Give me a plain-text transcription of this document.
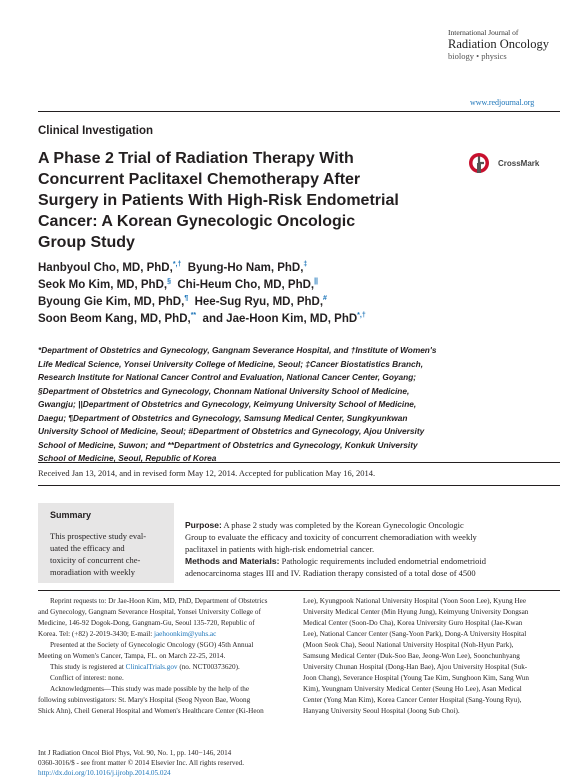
International Journal of
Radiation Oncology
biology • physics
www.redjournal.org
Clinical Investigation
A Phase 2 Trial of Radiation Therapy With
Concurrent Paclitaxel Chemotherapy After
Surgery in Patients With High-Risk Endometrial
Cancer: A Korean Gynecologic Oncologic
Group Study
CrossMark
Hanbyoul Cho, MD, PhD,*,† Byung-Ho Nam, PhD,‡
Seok Mo Kim, MD, PhD,§ Chi-Heum Cho, MD, PhD,||
Byoung Gie Kim, MD, PhD,¶ Hee-Sug Ryu, MD, PhD,#
Soon Beom Kang, MD, PhD,** and Jae-Hoon Kim, MD, PhD*,†
*Department of Obstetrics and Gynecology, Gangnam Severance Hospital, and †Institute of Women's
Life Medical Science, Yonsei University College of Medicine, Seoul; ‡Cancer Biostatistics Branch,
Research Institute for National Cancer Control and Evaluation, National Cancer Center, Goyang;
§Department of Obstetrics and Gynecology, Chonnam National University School of Medicine,
Gwangju; ||Department of Obstetrics and Gynecology, Keimyung University School of Medicine,
Daegu; ¶Department of Obstetrics and Gynecology, Samsung Medical Center, Sungkyunkwan
University School of Medicine, Seoul; #Department of Obstetrics and Gynecology, Ajou University
School of Medicine, Suwon; and **Department of Obstetrics and Gynecology, Konkuk University
School of Medicine, Seoul, Republic of Korea
Received Jan 13, 2014, and in revised form May 12, 2014. Accepted for publication May 16, 2014.
Summary
This prospective study eval-
uated the efficacy and
toxicity of concurrent che-
moradiation with weekly
Purpose: A phase 2 study was completed by the Korean Gynecologic Oncologic
Group to evaluate the efficacy and toxicity of concurrent chemoradiation with weekly
paclitaxel in patients with high-risk endometrial cancer.
Methods and Materials: Pathologic requirements included endometrial endometrioid
adenocarcinoma stages III and IV. Radiation therapy consisted of a total dose of 4500
Reprint requests to: Dr Jae-Hoon Kim, MD, PhD, Department of Obstetrics
and Gynecology, Gangnam Severance Hospital, Yonsei University College of
Medicine, 146-92 Dogok-Dong, Gangnam-Gu, Seoul 135-720, Republic of
Korea. Tel: (+82) 2-2019-3430; E-mail: jaehoonkim@yuhs.ac
Presented at the Society of Gynecologic Oncology (SGO) 45th Annual
Meeting on Women's Cancer, Tampa, FL. on March 22-25, 2014.
This study is registered at ClinicalTrials.gov (no. NCT00373620).
Conflict of interest: none.
Acknowledgments—This study was made possible by the help of the
following subinvestigators: St. Mary's Hospital (Seog Nyeon Bae, Woong
Shick Ahn), Cheil General Hospital and Women's Healthcare Center (Ki-Heon
Lee), Kyungpook National University Hospital (Yoon Soon Lee), Kyung Hee
University Medical Center (Min Hyung Jung), Keimyung University Dongsan
Medical Center (Soon-Do Cha), Korea University Guro Hospital (Jae-Kwan
Lee), National Cancer Center (Sang-Yoon Park), Dong-A University Hospital
(Moon Seok Cha), Seoul National University Hospital (Noh-Hyun Park),
Samsung Medical Center (Duk-Soo Bae, Jeong-Won Lee), Soonchunhyang
University Chunan Hospital (Dong-Han Bae), Ajou University Hospital (Suk-
Joon Chang), Severance Hospital (Young Tae Kim, Sunghoon Kim, Sang Wun
Kim), Yeungnam University Medical Center (Seung Ho Lee), Asan Medical
Center (Yong Man Kim), Korea Cancer Center Hospital (Sang-Young Ryu),
Hanyang University Seoul Hospital (Joong Sub Choi).
Int J Radiation Oncol Biol Phys, Vol. 90, No. 1, pp. 140−146, 2014
0360-3016/$ - see front matter © 2014 Elsevier Inc. All rights reserved.
http://dx.doi.org/10.1016/j.ijrobp.2014.05.024
